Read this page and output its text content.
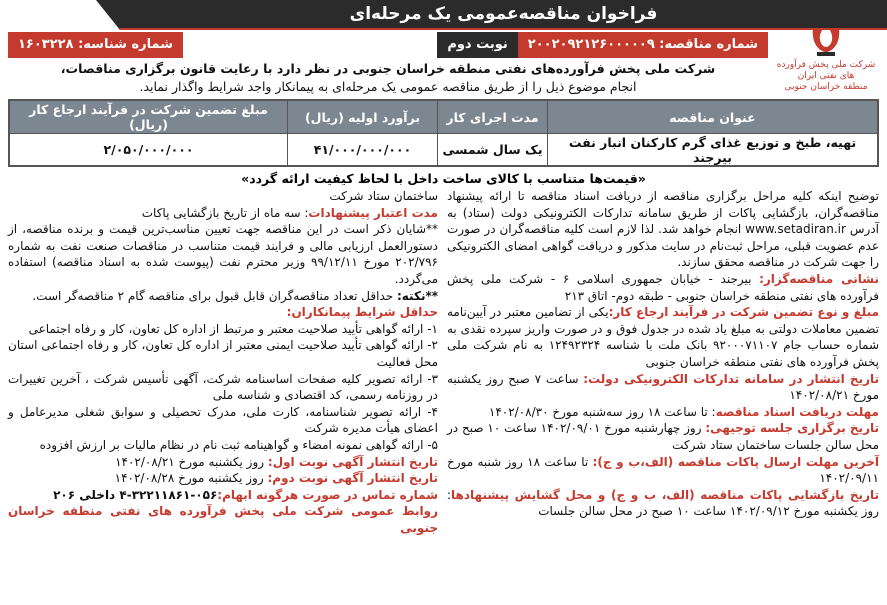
شرکت ملی پخش فرآورده های نفتی ایران
منطقه خراسان جنوبی
فراخوان مناقصه‌عمومی یک مرحله‌ای
شماره مناقصه: ۲۰۰۲۰۹۲۱۲۶۰۰۰۰۰۹
نوبت دوم
شماره شناسه: ۱۶۰۳۲۲۸
شرکت ملی پخش فرآورده‌های نفتی منطقه خراسان جنوبی در نظر دارد با رعایت قانون برگزاری مناقصات،
انجام موضوع ذیل را از طریق مناقصه عمومی یک مرحله‌ای به پیمانکار واجد شرایط واگذار نماید.
عنوان مناقصه
مدت اجرای کار
برآورد اولیه (ریال)
مبلغ تضمین شرکت در فرآیند ارجاع کار (ریال)
تهیه، طبخ و توزیع غذای گرم کارکنان انبار نفت بیرجند
یک سال شمسی
۴۱/۰۰۰/۰۰۰/۰۰۰
۲/۰۵۰/۰۰۰/۰۰۰
«قیمت‌ها متناسب با کالای ساخت داخل با لحاظ کیفیت ارائه گردد»
توضیح اینکه کلیه مراحل برگزاری مناقصه از دریافت اسناد مناقصه تا ارائه پیشنهاد مناقصه‌گران، بازگشایی پاکات از طریق سامانه تدارکات الکترونیکی دولت (ستاد) به آدرس www.setadiran.ir انجام خواهد شد. لذا لازم است کلیه مناقصه‌گران در صورت عدم عضویت قبلی، مراحل ثبت‌نام در سایت مذکور و دریافت گواهی امضای الکترونیکی را جهت شرکت در مناقصه محقق سازند.
نشانی مناقصه‌گزار: بیرجند - خیابان جمهوری اسلامی ۶ - شرکت ملی پخش فرآورده های نفتی منطقه خراسان جنوبی - طبقه دوم- اتاق ۲۱۳
مبلغ و نوع تضمین شرکت در فرآیند ارجاع کار:یکی از تضامین معتبر در آیین‌نامه تضمین معاملات دولتی به مبلغ یاد شده در جدول فوق و در صورت واریز سپرده نقدی به شماره حساب جام ۹۲۰۰۰۷۱۱۰۷ بانک ملت با شناسه ۱۲۴۹۲۳۲۴ به نام شرکت ملی پخش فرآورده های نفتی منطقه خراسان جنوبی
تاریخ انتشار در سامانه تدارکات الکترونیکی دولت: ساعت ۷ صبح روز یکشنبه مورخ ۱۴۰۲/۰۸/۲۱
مهلت دریافت اسناد مناقصه: تا ساعت ۱۸ روز سه‌شنبه مورخ ۱۴۰۲/۰۸/۳۰
تاریخ برگزاری جلسه توجیهی: روز چهارشنبه مورخ ۱۴۰۲/۰۹/۰۱ ساعت ۱۰ صبح در محل سالن جلسات ساختمان ستاد شرکت
آخرین مهلت ارسال پاکات مناقصه (الف،ب و ج): تا ساعت ۱۸ روز شنبه مورخ ۱۴۰۲/۰۹/۱۱
تاریخ بازگشایی پاکات مناقصه (الف، ب و ج) و محل گشایش پیشنهادها: روز یکشنبه مورخ ۱۴۰۲/۰۹/۱۲ ساعت ۱۰ صبح در محل سالن جلسات
ساختمان ستاد شرکت
مدت اعتبار پیشنهادات: سه ماه از تاریخ بازگشایی پاکات
**شایان ذکر است در این مناقصه جهت تعیین مناسب‌ترین قیمت و برنده مناقصه، از دستورالعمل ارزیابی مالی و فرایند قیمت متناسب در مناقصات صنعت نفت به شماره ۲۰۲/۷۹۶ مورخ ۹۹/۱۲/۱۱ وزیر محترم نفت (پیوست شده به اسناد مناقصه) استفاده می‌گردد.
**نکته: حداقل تعداد مناقصه‌گران قابل قبول برای مناقصه گام ۲ مناقصه‌گر است.
حداقل شرایط پیمانکاران:
۱- ارائه گواهی تأیید صلاحیت معتبر و مرتبط از اداره کل تعاون، کار و رفاه اجتماعی
۲- ارائه گواهی تأیید صلاحیت ایمنی معتبر از اداره کل تعاون، کار و رفاه اجتماعی استان محل فعالیت
۳- ارائه تصویر کلیه صفحات اساسنامه شرکت، آگهی تأسیس شرکت ، آخرین تغییرات در روزنامه رسمی، کد اقتصادی و شناسه ملی
۴- ارائه تصویر شناسنامه، کارت ملی، مدرک تحصیلی و سوابق شغلی مدیرعامل و اعضای هیأت مدیره شرکت
۵- ارائه گواهی نمونه امضاء و گواهینامه ثبت نام در نظام مالیات بر ارزش افزوده
تاریخ انتشار آگهی نوبت اول: روز یکشنبه مورخ ۱۴۰۲/۰۸/۲۱
تاریخ انتشار آگهی نوبت دوم: روز یکشنبه مورخ ۱۴۰۲/۰۸/۲۸
شماره تماس در صورت هرگونه ابهام:۰۵۶-۳۲۲۱۱۸۶۱-۴ داخلی ۲۰۶
روابط عمومی شرکت ملی پخش فرآورده های نفتی منطقه خراسان جنوبی
